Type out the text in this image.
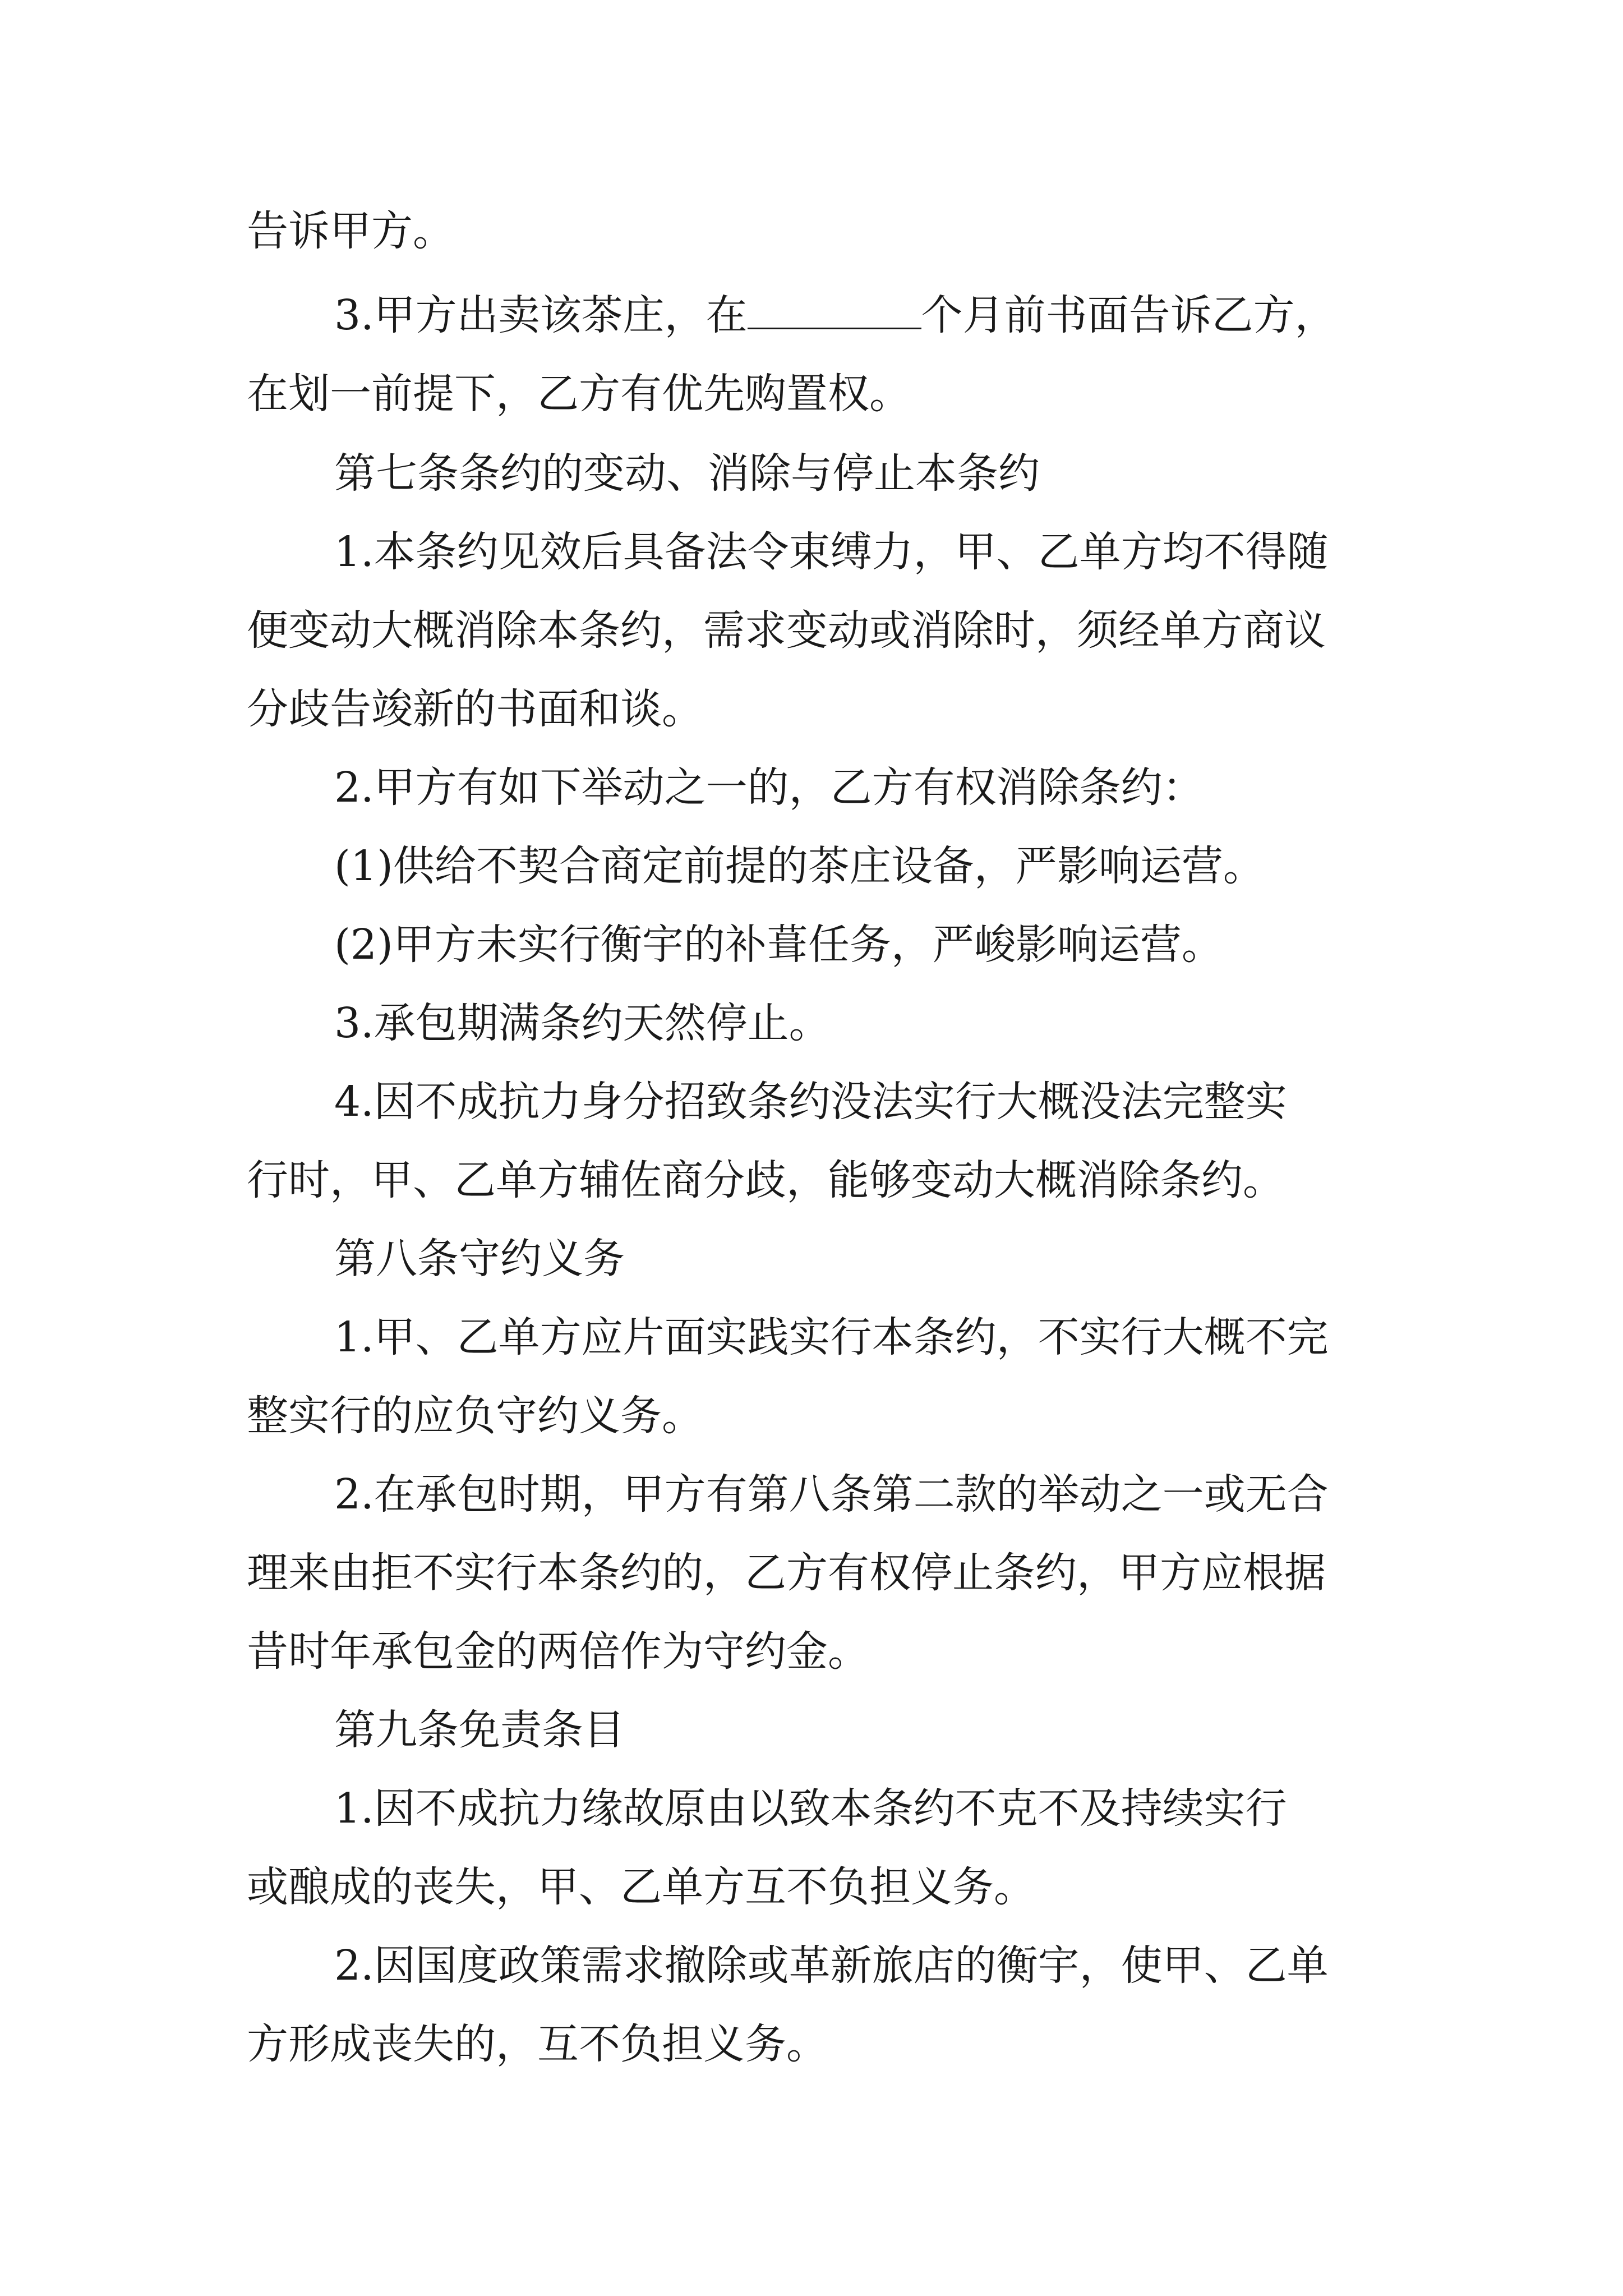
告诉甲方。
3.甲方出卖该茶庄，在	个月前书面告诉乙方，
在划一前提下，乙方有优先购置权。
第七条条约的变动、消除与停止本条约
1.本条约见效后具备法令束缚力，甲、乙单方均不得随
便变动大概消除本条约，需求变动或消除时，须经单方商议
分歧告竣新的书面和谈。
2.甲方有如下举动之一的，乙方有权消除条约：
(1)供给不契合商定前提的茶庄设备，严影响运营。
(2)甲方未实行衡宇的补葺任务，严峻影响运营。
3.承包期满条约天然停止。
4.因不成抗力身分招致条约没法实行大概没法完整实
行时，甲、乙单方辅佐商分歧，能够变动大概消除条约。
第八条守约义务
1.甲、乙单方应片面实践实行本条约，不实行大概不完
整实行的应负守约义务。
2.在承包时期，甲方有第八条第二款的举动之一或无合
理来由拒不实行本条约的，乙方有权停止条约，甲方应根据
昔时年承包金的两倍作为守约金。
第九条免责条目
1.因不成抗力缘故原由以致本条约不克不及持续实行
或酿成的丧失，甲、乙单方互不负担义务。
2.因国度政策需求撤除或革新旅店的衡宇，使甲、乙单
方形成丧失的，互不负担义务。
